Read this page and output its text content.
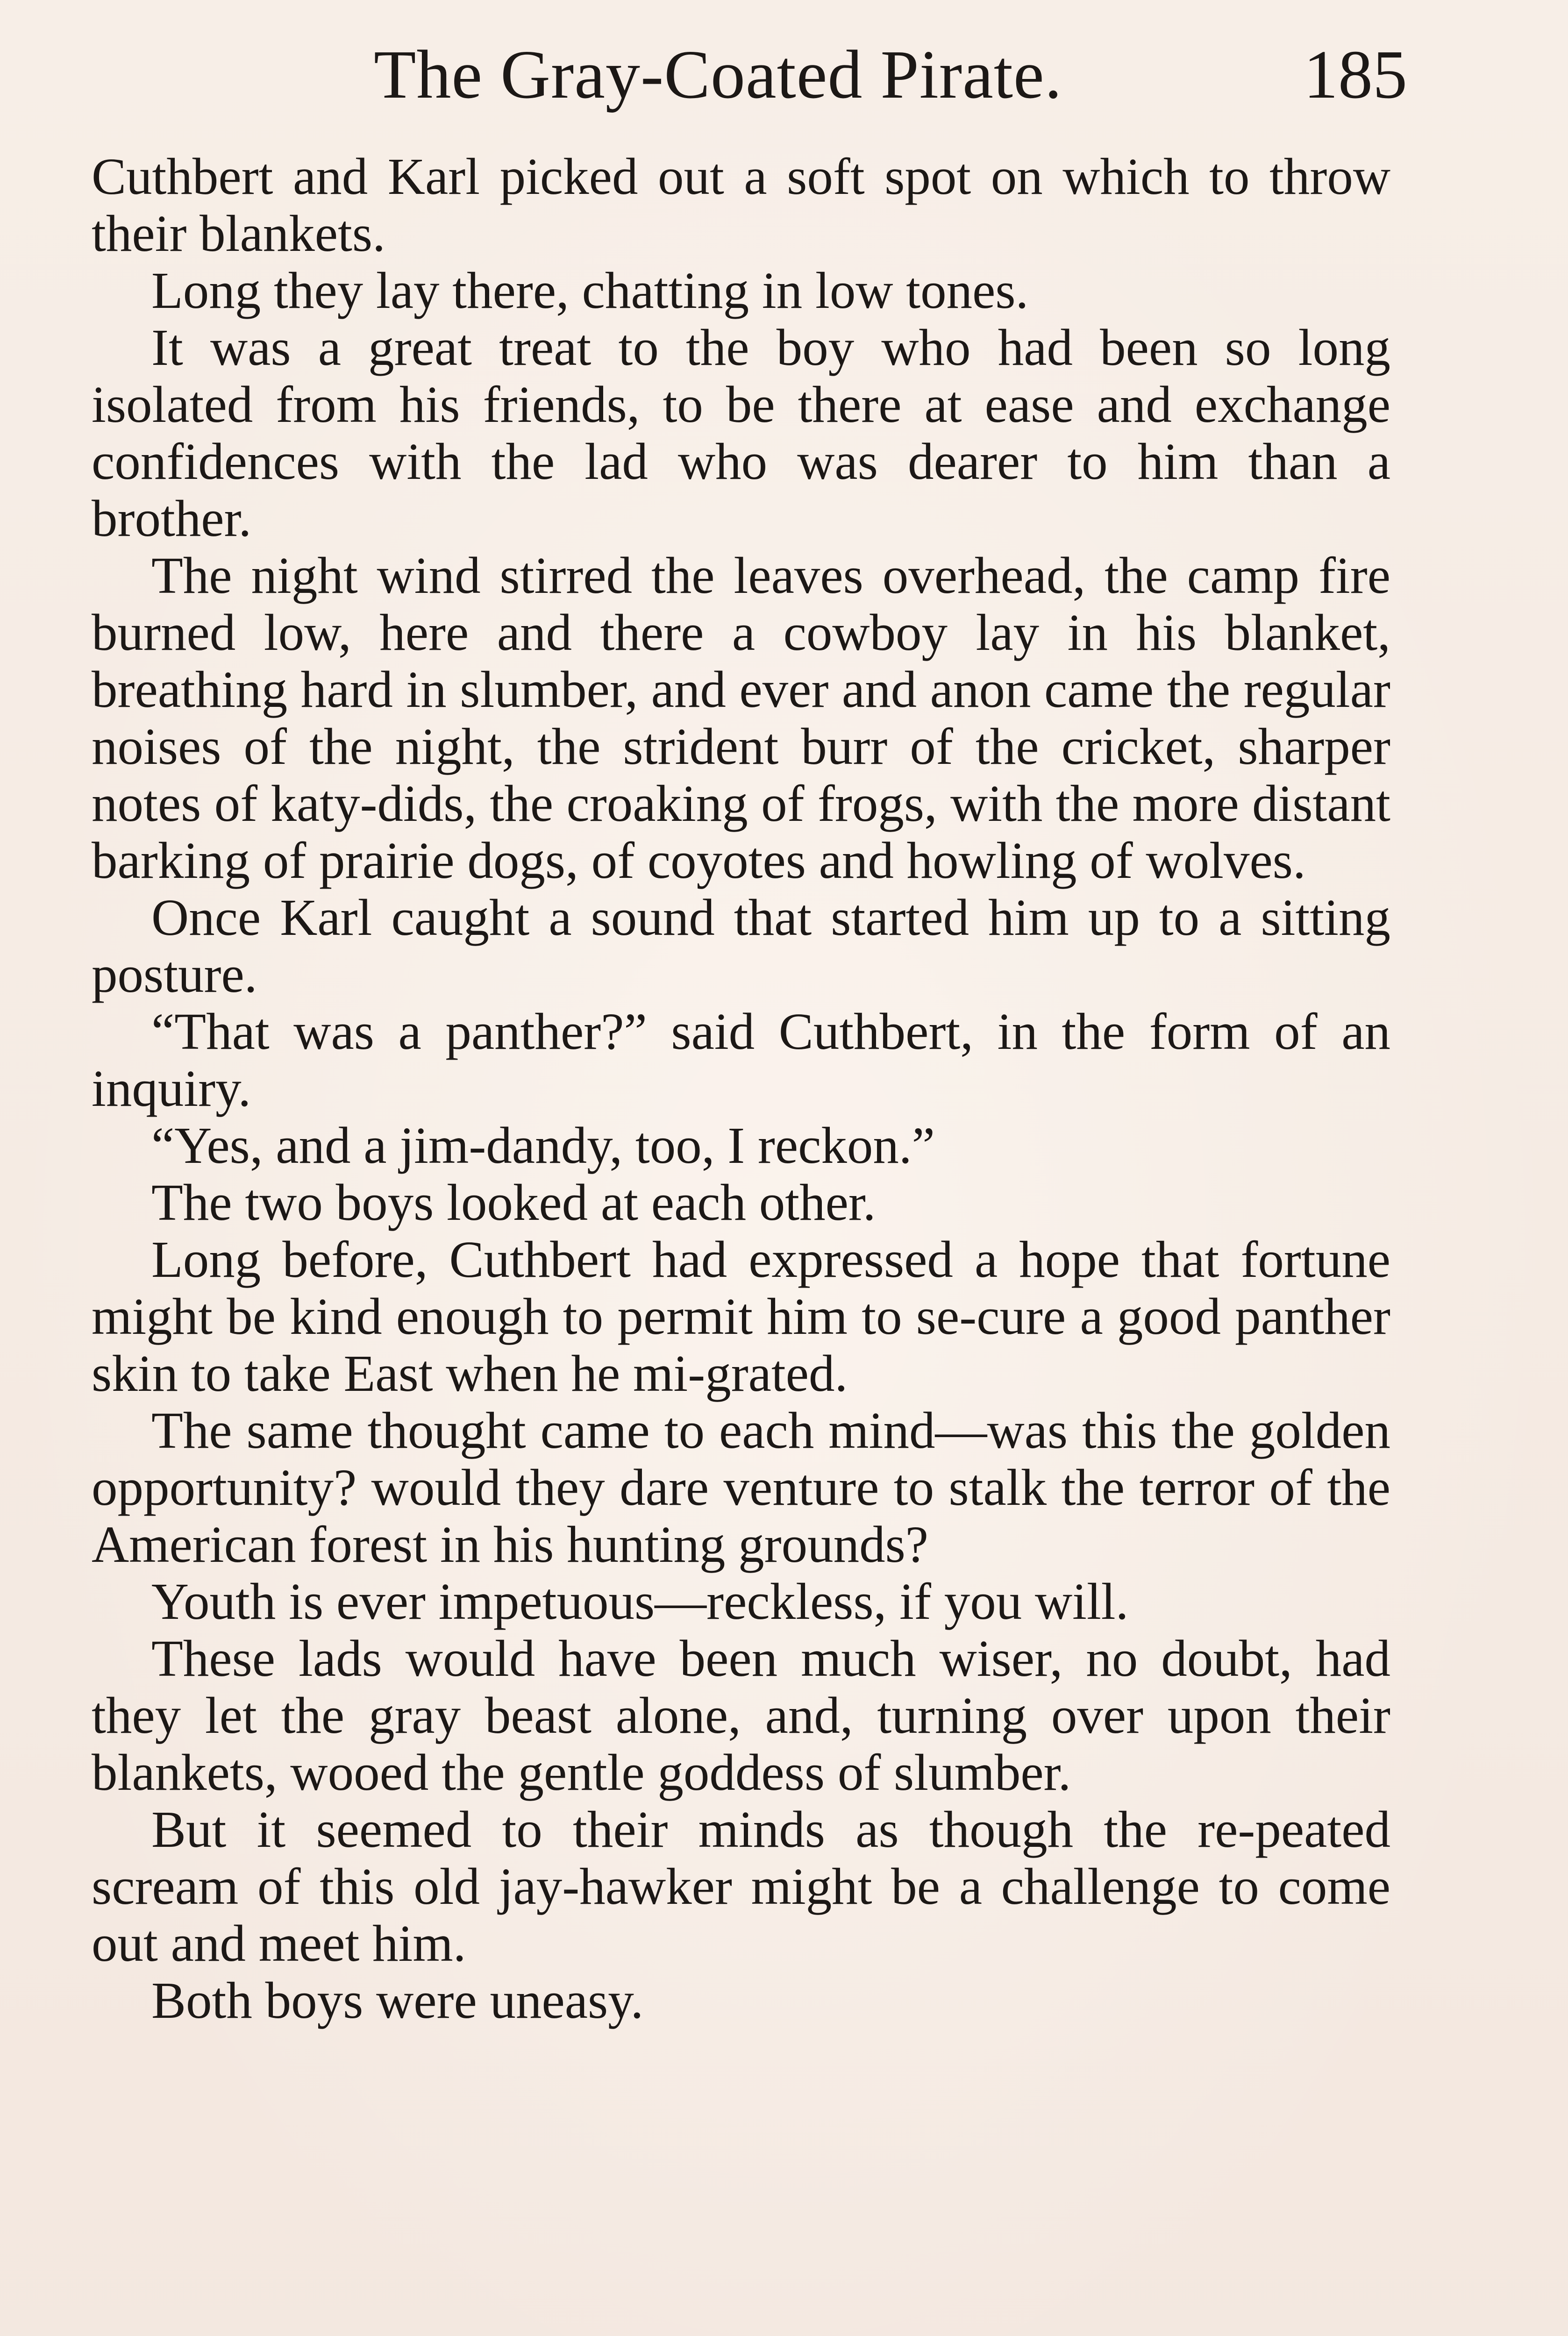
The Gray-Coated Pirate.	185

Cuthbert and Karl picked out a soft spot on which to throw their blankets.

Long they lay there, chatting in low tones.

It was a great treat to the boy who had been so long isolated from his friends, to be there at ease and exchange confidences with the lad who was dearer to him than a brother.

The night wind stirred the leaves overhead, the camp fire burned low, here and there a cowboy lay in his blanket, breathing hard in slumber, and ever and anon came the regular noises of the night, the strident burr of the cricket, sharper notes of katy-dids, the croaking of frogs, with the more distant barking of prairie dogs, of coyotes and howling of wolves.

Once Karl caught a sound that started him up to a sitting posture.

“That was a panther?” said Cuthbert, in the form of an inquiry.

“Yes, and a jim-dandy, too, I reckon.”

The two boys looked at each other.

Long before, Cuthbert had expressed a hope that fortune might be kind enough to permit him to se-cure a good panther skin to take East when he mi-grated.

The same thought came to each mind—was this the golden opportunity? would they dare venture to stalk the terror of the American forest in his hunting grounds?

Youth is ever impetuous—reckless, if you will.

These lads would have been much wiser, no doubt, had they let the gray beast alone, and, turning over upon their blankets, wooed the gentle goddess of slumber.

But it seemed to their minds as though the re-peated scream of this old jay-hawker might be a challenge to come out and meet him.

Both boys were uneasy.
